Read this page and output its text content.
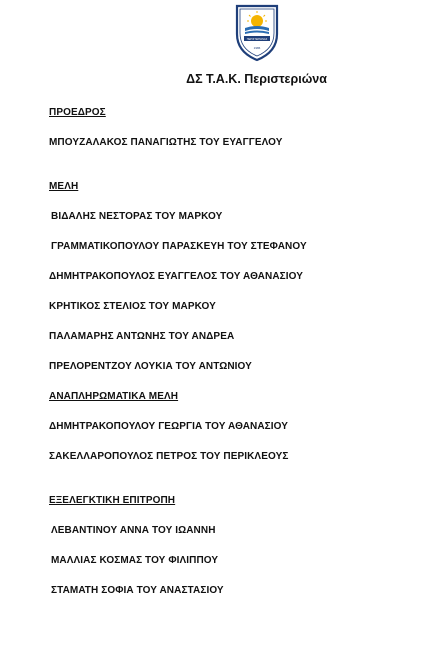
ΠΕΡΙΣΤΕΡΙΩΝΑΣ
1986
ΔΣ Τ.Α.Κ. Περιστεριώνα
ΠΡΟΕΔΡΟΣ
ΜΠΟΥΖΑΛΑΚΟΣ ΠΑΝΑΓΙΩΤΗΣ ΤΟΥ ΕΥΑΓΓΕΛΟΥ
ΜΕΛΗ
ΒΙΔΑΛΗΣ ΝΕΣΤΟΡΑΣ ΤΟΥ ΜΑΡΚΟΥ
ΓΡΑΜΜΑΤΙΚΟΠΟΥΛΟΥ ΠΑΡΑΣΚΕΥΗ ΤΟΥ ΣΤΕΦΑΝΟΥ
ΔΗΜΗΤΡΑΚΟΠΟΥΛΟΣ ΕΥΑΓΓΕΛΟΣ ΤΟΥ ΑΘΑΝΑΣΙΟΥ
ΚΡΗΤΙΚΟΣ ΣΤΕΛΙΟΣ ΤΟΥ ΜΑΡΚΟΥ
ΠΑΛΑΜΑΡΗΣ ΑΝΤΩΝΗΣ ΤΟΥ ΑΝΔΡΕΑ
ΠΡΕΛΟΡΕΝΤΖΟΥ ΛΟΥΚΙΑ ΤΟΥ ΑΝΤΩΝΙΟΥ
ΑΝΑΠΛΗΡΩΜΑΤΙΚΑ ΜΕΛΗ
ΔΗΜΗΤΡΑΚΟΠΟΥΛΟΥ ΓΕΩΡΓΙΑ ΤΟΥ ΑΘΑΝΑΣΙΟΥ
ΣΑΚΕΛΛΑΡΟΠΟΥΛΟΣ ΠΕΤΡΟΣ ΤΟΥ ΠΕΡΙΚΛΕΟΥΣ
ΕΞΕΛΕΓΚΤΙΚΗ ΕΠΙΤΡΟΠΗ
ΛΕΒΑΝΤΙΝΟΥ ΑΝΝΑ ΤΟΥ ΙΩΑΝΝΗ
ΜΑΛΛΙΑΣ ΚΟΣΜΑΣ ΤΟΥ ΦΙΛΙΠΠΟΥ
ΣΤΑΜΑΤΗ ΣΟΦΙΑ ΤΟΥ ΑΝΑΣΤΑΣΙΟΥ
